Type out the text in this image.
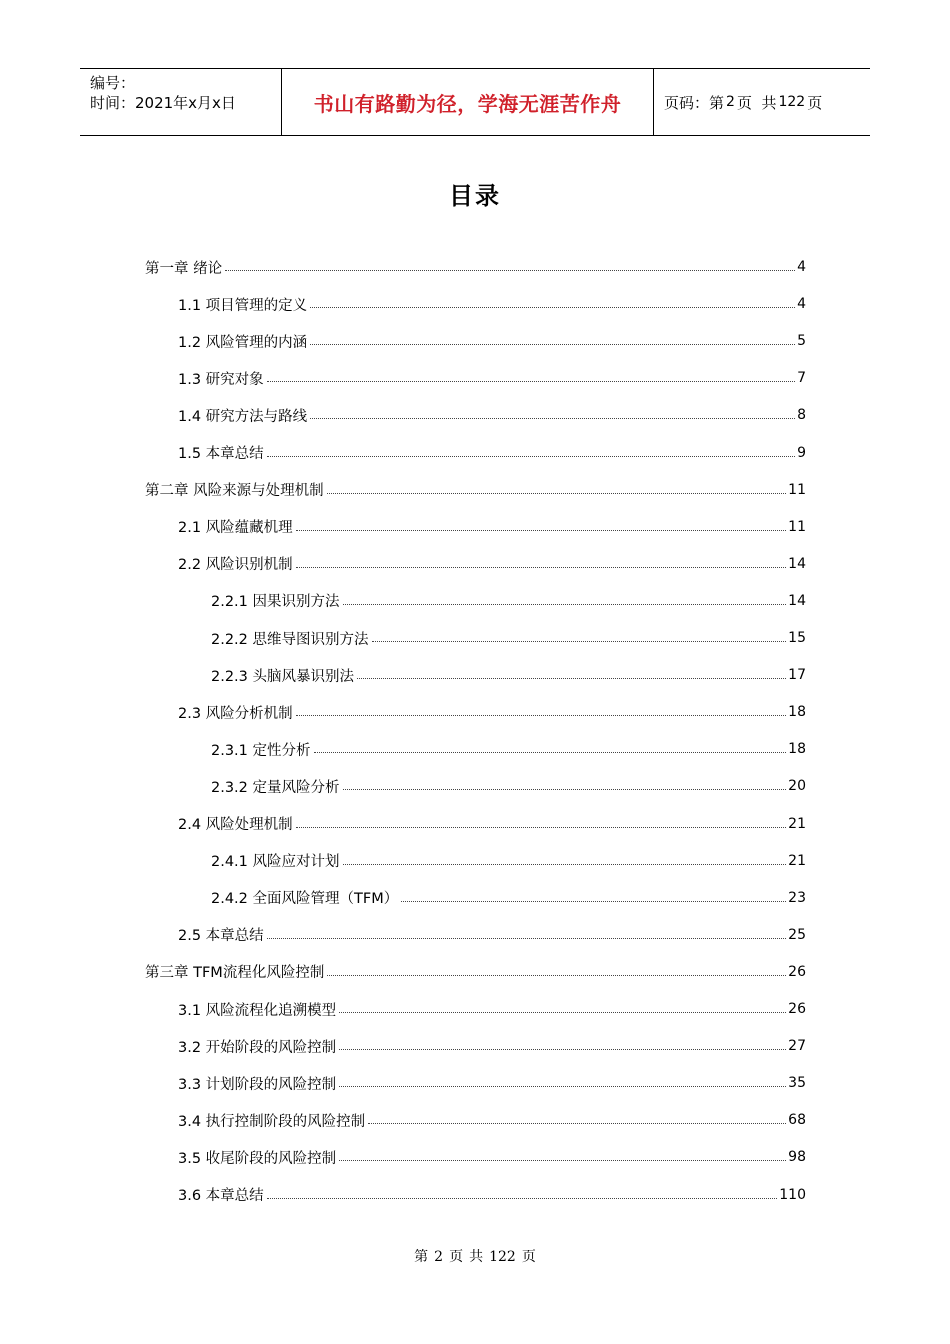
编号：
时间：2021年x月x日	书山有路勤为径，学海无涯苦作舟	页码：第 2 页  共 122 页
目录
第一章 绪论	4
1.1 项目管理的定义	4
1.2 风险管理的内涵	5
1.3 研究对象	7
1.4 研究方法与路线	8
1.5 本章总结	9
第二章 风险来源与处理机制	11
2.1 风险蕴藏机理	11
2.2 风险识别机制	14
2.2.1 因果识别方法	14
2.2.2 思维导图识别方法	15
2.2.3 头脑风暴识别法	17
2.3 风险分析机制	18
2.3.1 定性分析	18
2.3.2 定量风险分析	20
2.4 风险处理机制	21
2.4.1 风险应对计划	21
2.4.2 全面风险管理（TFM）	23
2.5 本章总结	25
第三章 TFM流程化风险控制	26
3.1 风险流程化追溯模型	26
3.2 开始阶段的风险控制	27
3.3 计划阶段的风险控制	35
3.4 执行控制阶段的风险控制	68
3.5 收尾阶段的风险控制	98
3.6 本章总结	110
第 2 页 共 122 页
